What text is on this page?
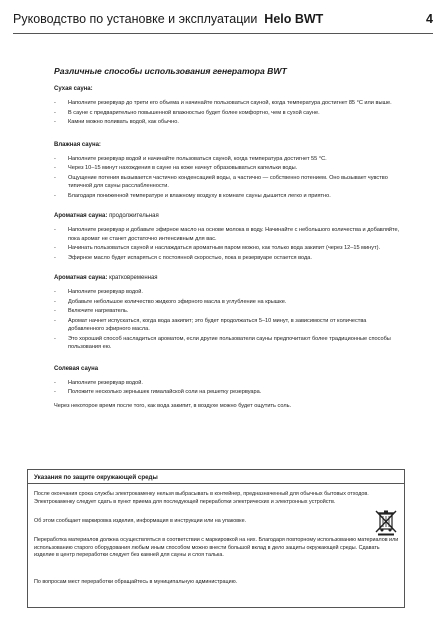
Руководство по установке и эксплуатации Helo BWT	4
Различные способы использования генератора BWT
Сухая сауна:
- Наполните резервуар до трети его объема и начинайте пользоваться сауной, когда температура достигнет 85 °C или выше.
- В сауне с предварительно повышенной влажностью будет более комфортно, чем в сухой сауне.
- Камни можно поливать водой, как обычно.
Влажная сауна:
- Наполните резервуар водой и начинайте пользоваться сауной, когда температура достигнет 55 °C.
- Через 10–15 минут нахождения в сауне на коже начнут образовываться капельки воды.
- Ощущение потения вызывается частично конденсацией воды, а частично — собственно потением. Оно вызывает чувство типичной для сауны расслабленности.
- Благодаря пониженной температуре и влажному воздуху в комнате сауны дышится легко и приятно.
Ароматная сауна: продолжительная
- Наполните резервуар и добавьте эфирное масло на основе молока в воду. Начинайте с небольшого количества и добавляйте, пока аромат не станет достаточно интенсивным для вас.
- Начинать пользоваться сауной и наслаждаться ароматным паром можно, как только вода закипит (через 12–15 минут).
- Эфирное масло будет испаряться с постоянной скоростью, пока в резервуаре остается вода.
Ароматная сауна: кратковременная
- Наполните резервуар водой.
- Добавьте небольшое количество жидкого эфирного масла в углубление на крышке.
- Включите нагреватель.
- Аромат начнет испускаться, когда вода закипит; это будет продолжаться 5–10 минут, в зависимости от количества добавленного эфирного масла.
- Это хороший способ насладиться ароматом, если другие пользователи сауны предпочитают более традиционные способы пользования ею.
Солевая сауна
- Наполните резервуар водой.
- Положите несколько зернышек гималайской соли на решетку резервуара.
Через некоторое время после того, как вода закипит, в воздухе можно будет ощутить соль.
Указания по защите окружающей среды
После окончания срока службы электрокаменку нельзя выбрасывать в контейнер, предназначенный для обычных бытовых отходов. Электрокаменку следует сдать в пункт приема для последующей переработки электрических и электронных устройств.
Об этом сообщает маркировка изделия, информация в инструкции или на упаковке.
Переработка материалов должна осуществляться в соответствии с маркировкой на них. Благодаря повторному использованию материалов или использованию старого оборудования любым иным способом можно внести большой вклад в дело защиты окружающей среды. Сдавать изделие в центр переработки следует без камней для сауны и слоя талька.
По вопросам мест переработки обращайтесь в муниципальную администрацию.
